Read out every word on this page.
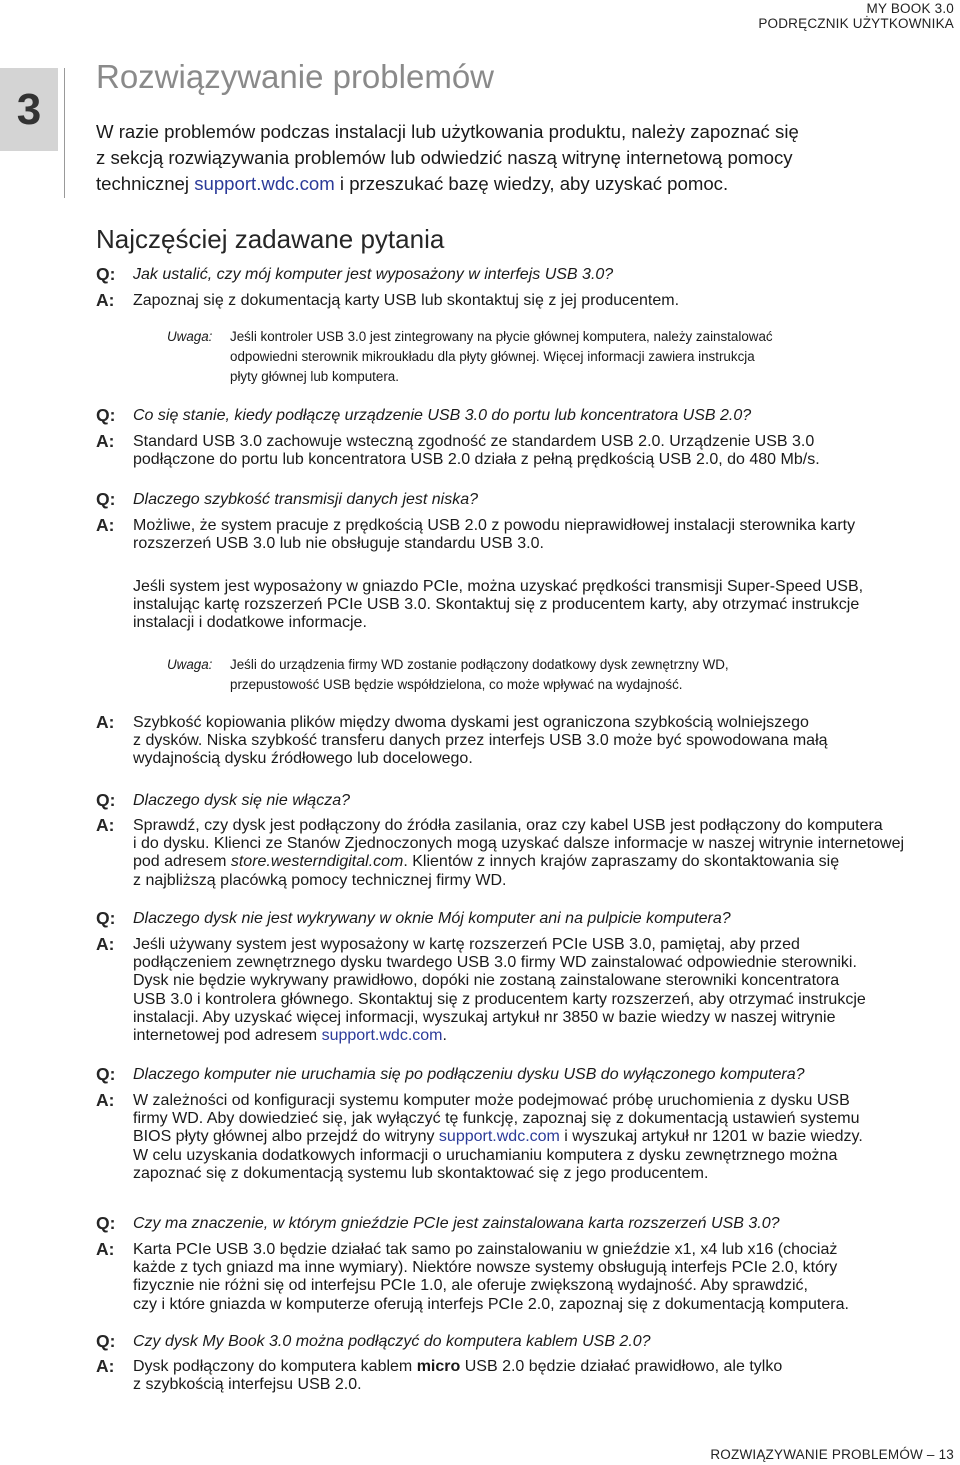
MY BOOK 3.0
PODRĘCZNIK UŻYTKOWNIKA
3
Rozwiązywanie problemów
W razie problemów podczas instalacji lub użytkowania produktu, należy zapoznać się
z sekcją rozwiązywania problemów lub odwiedzić naszą witrynę internetową pomocy
technicznej support.wdc.com i przeszukać bazę wiedzy, aby uzyskać pomoc.
Najczęściej zadawane pytania
Q: Jak ustalić, czy mój komputer jest wyposażony w interfejs USB 3.0?
A: Zapoznaj się z dokumentacją karty USB lub skontaktuj się z jej producentem.
Uwaga: Jeśli kontroler USB 3.0 jest zintegrowany na płycie głównej komputera, należy zainstalować
odpowiedni sterownik mikroukładu dla płyty głównej. Więcej informacji zawiera instrukcja
płyty głównej lub komputera.
Q: Co się stanie, kiedy podłączę urządzenie USB 3.0 do portu lub koncentratora USB 2.0?
A: Standard USB 3.0 zachowuje wsteczną zgodność ze standardem USB 2.0. Urządzenie USB 3.0
podłączone do portu lub koncentratora USB 2.0 działa z pełną prędkością USB 2.0, do 480 Mb/s.
Q: Dlaczego szybkość transmisji danych jest niska?
A: Możliwe, że system pracuje z prędkością USB 2.0 z powodu nieprawidłowej instalacji sterownika karty
rozszerzeń USB 3.0 lub nie obsługuje standardu USB 3.0.
Jeśli system jest wyposażony w gniazdo PCIe, można uzyskać prędkości transmisji Super-Speed USB,
instalując kartę rozszerzeń PCIe USB 3.0. Skontaktuj się z producentem karty, aby otrzymać instrukcje
instalacji i dodatkowe informacje.
Uwaga: Jeśli do urządzenia firmy WD zostanie podłączony dodatkowy dysk zewnętrzny WD,
przepustowość USB będzie współdzielona, co może wpływać na wydajność.
A: Szybkość kopiowania plików między dwoma dyskami jest ograniczona szybkością wolniejszego
z dysków. Niska szybkość transferu danych przez interfejs USB 3.0 może być spowodowana małą
wydajnością dysku źródłowego lub docelowego.
Q: Dlaczego dysk się nie włącza?
A: Sprawdź, czy dysk jest podłączony do źródła zasilania, oraz czy kabel USB jest podłączony do komputera
i do dysku. Klienci ze Stanów Zjednoczonych mogą uzyskać dalsze informacje w naszej witrynie internetowej
pod adresem store.westerndigital.com. Klientów z innych krajów zapraszamy do skontaktowania się
z najbliższą placówką pomocy technicznej firmy WD.
Q: Dlaczego dysk nie jest wykrywany w oknie Mój komputer ani na pulpicie komputera?
A: Jeśli używany system jest wyposażony w kartę rozszerzeń PCIe USB 3.0, pamiętaj, aby przed
podłączeniem zewnętrznego dysku twardego USB 3.0 firmy WD zainstalować odpowiednie sterowniki.
Dysk nie będzie wykrywany prawidłowo, dopóki nie zostaną zainstalowane sterowniki koncentratora
USB 3.0 i kontrolera głównego. Skontaktuj się z producentem karty rozszerzeń, aby otrzymać instrukcje
instalacji. Aby uzyskać więcej informacji, wyszukaj artykuł nr 3850 w bazie wiedzy w naszej witrynie
internetowej pod adresem support.wdc.com.
Q: Dlaczego komputer nie uruchamia się po podłączeniu dysku USB do wyłączonego komputera?
A: W zależności od konfiguracji systemu komputer może podejmować próbę uruchomienia z dysku USB
firmy WD. Aby dowiedzieć się, jak wyłączyć tę funkcję, zapoznaj się z dokumentacją ustawień systemu
BIOS płyty głównej albo przejdź do witryny support.wdc.com i wyszukaj artykuł nr 1201 w bazie wiedzy.
W celu uzyskania dodatkowych informacji o uruchamianiu komputera z dysku zewnętrznego można
zapoznać się z dokumentacją systemu lub skontaktować się z jego producentem.
Q: Czy ma znaczenie, w którym gnieździe PCIe jest zainstalowana karta rozszerzeń USB 3.0?
A: Karta PCIe USB 3.0 będzie działać tak samo po zainstalowaniu w gnieździe x1, x4 lub x16 (chociaż
każde z tych gniazd ma inne wymiary). Niektóre nowsze systemy obsługują interfejs PCIe 2.0, który
fizycznie nie różni się od interfejsu PCIe 1.0, ale oferuje zwiększoną wydajność. Aby sprawdzić,
czy i które gniazda w komputerze oferują interfejs PCIe 2.0, zapoznaj się z dokumentacją komputera.
Q: Czy dysk My Book 3.0 można podłączyć do komputera kablem USB 2.0?
A: Dysk podłączony do komputera kablem micro USB 2.0 będzie działać prawidłowo, ale tylko
z szybkością interfejsu USB 2.0.
ROZWIĄZYWANIE PROBLEMÓW – 13
